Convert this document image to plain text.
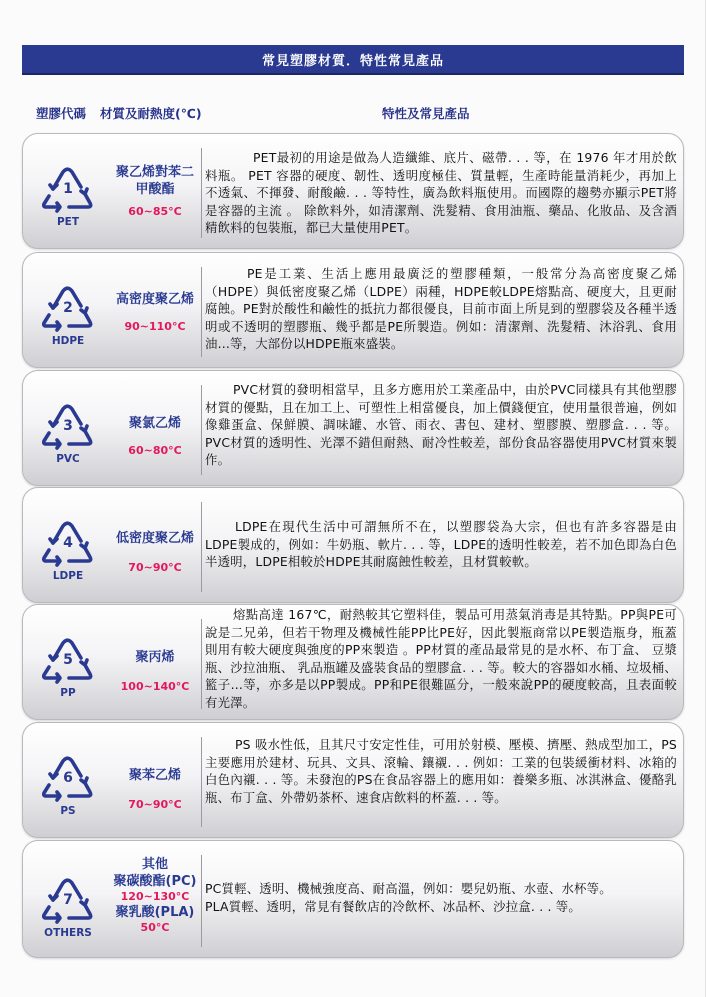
常見塑膠材質．特性常見產品
塑膠代碼 材質及耐熱度(℃)	特性及常見產品
1
PET
聚乙烯對苯二甲酸酯
60~85°C
PET最初的用途是做為人造纖維、底片、磁帶. . . 等，在 1976 年才用於飲料瓶。 PET 容器的硬度、韌性、透明度極佳、質量輕，生產時能量消耗少，再加上不透氣、不揮發、耐酸鹼. . . 等特性，廣為飲料瓶使用。而國際的趨勢亦顯示PET將是容器的主流 。 除飲料外，如清潔劑、洗髮精、食用油瓶、藥品、化妝品、及含酒精飲料的包裝瓶，都已大量使用PET。
2
HDPE
高密度聚乙烯
90~110°C
PE是工業、生活上應用最廣泛的塑膠種類，一般常分為高密度聚乙烯（HDPE）與低密度聚乙烯（LDPE）兩種，HDPE較LDPE熔點高、硬度大，且更耐腐蝕。PE對於酸性和鹼性的抵抗力都很優良，目前市面上所見到的塑膠袋及各種半透明或不透明的塑膠瓶、幾乎都是PE所製造。例如：清潔劑、洗髮精、沐浴乳、食用油...等，大部份以HDPE瓶來盛裝。
3
PVC
聚氯乙烯
60~80°C
PVC材質的發明相當早，且多方應用於工業產品中，由於PVC同樣具有其他塑膠材質的優點，且在加工上、可塑性上相當優良，加上價錢便宜，使用量很普遍，例如像雞蛋盒、保鮮膜、調味罐、水管、雨衣、書包、建材、塑膠膜、塑膠盒. . . 等。PVC材質的透明性、光澤不錯但耐熱、耐冷性較差，部份食品容器使用PVC材質來製作。
4
LDPE
低密度聚乙烯
70~90°C
LDPE在現代生活中可謂無所不在，以塑膠袋為大宗，但也有許多容器是由LDPE製成的，例如：牛奶瓶、軟片. . . 等，LDPE的透明性較差，若不加色即為白色半透明，LDPE相較於HDPE其耐腐蝕性較差，且材質較軟。
5
PP
聚丙烯
100~140°C
熔點高達 167℃，耐熱較其它塑料佳，製品可用蒸氣消毒是其特點。PP與PE可說是二兄弟，但若干物理及機械性能PP比PE好，因此製瓶商常以PE製造瓶身，瓶蓋則用有較大硬度與強度的PP來製造 。PP材質的產品最常見的是水杯、布丁盒、 豆漿瓶、沙拉油瓶、 乳品瓶罐及盛裝食品的塑膠盒. . . 等。較大的容器如水桶、垃圾桶、籃子...等，亦多是以PP製成。PP和PE很難區分，一般來說PP的硬度較高，且表面較有光澤。
6
PS
聚苯乙烯
70~90°C
PS 吸水性低，且其尺寸安定性佳，可用於射模、壓模、擠壓、熱成型加工，PS主要應用於建材、玩具、文具、滾輪、鑲襯. . . 例如：工業的包裝緩衝材料、冰箱的白色內襯. . . 等。未發泡的PS在食品容器上的應用如：養樂多瓶、冰淇淋盒、優酪乳瓶、布丁盒、外帶奶茶杯、速食店飲料的杯蓋. . . 等。
7
OTHERS
其他
聚碳酸酯(PC)
120~130°C
聚乳酸(PLA)
50°C
PC質輕、透明、機械強度高、耐高溫，例如：嬰兒奶瓶、水壺、水杯等。
PLA質輕、透明，常見有餐飲店的冷飲杯、冰品杯、沙拉盒. . . 等。
